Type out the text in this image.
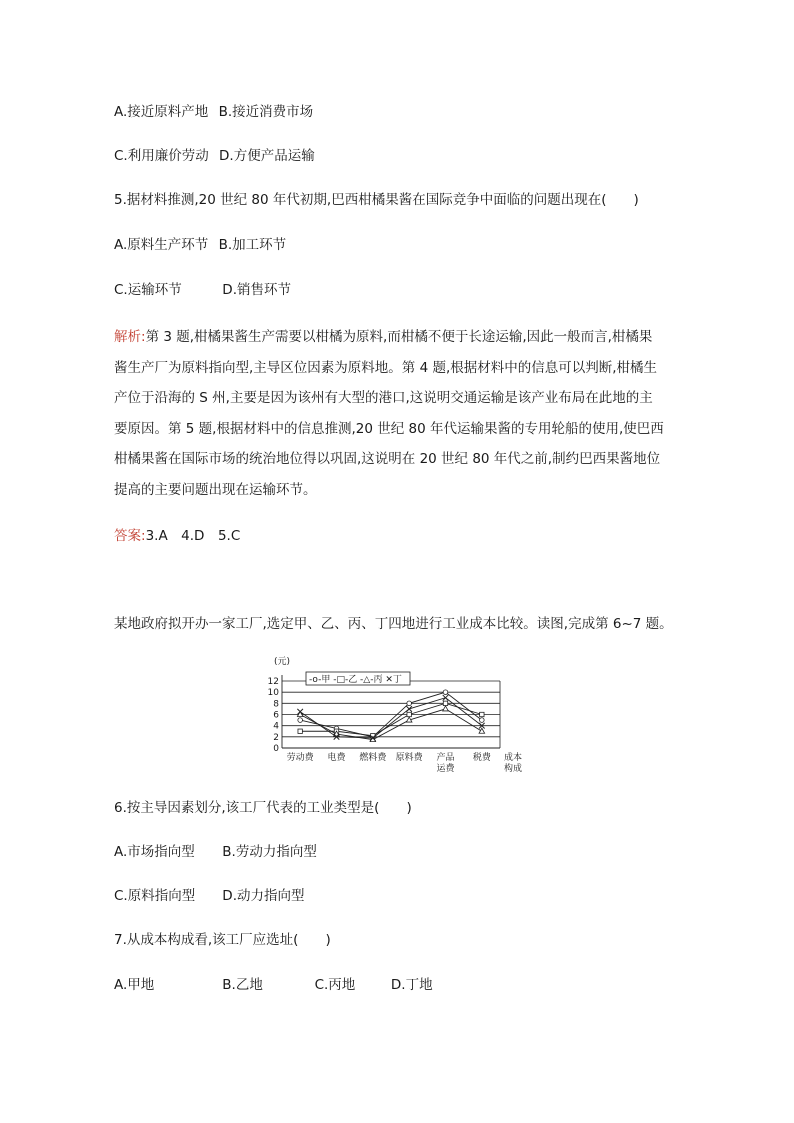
A.接近原料产地 B.接近消费市场
C.利用廉价劳动 D.方便产品运输
5.据材料推测,20 世纪 80 年代初期,巴西柑橘果酱在国际竞争中面临的问题出现在(　　)
A.原料生产环节 B.加工环节
C.运输环节	D.销售环节
解析:第 3 题,柑橘果酱生产需要以柑橘为原料,而柑橘不便于长途运输,因此一般而言,柑橘果
酱生产厂为原料指向型,主导区位因素为原料地。第 4 题,根据材料中的信息可以判断,柑橘生
产位于沿海的 S 州,主要是因为该州有大型的港口,这说明交通运输是该产业布局在此地的主
要原因。第 5 题,根据材料中的信息推测,20 世纪 80 年代运输果酱的专用轮船的使用,使巴西
柑橘果酱在国际市场的统治地位得以巩固,这说明在 20 世纪 80 年代之前,制约巴西果酱地位
提高的主要问题出现在运输环节。
答案:3.A　4.D　5.C
某地政府拟开办一家工厂,选定甲、乙、丙、丁四地进行工业成本比较。读图,完成第 6~7 题。
0
2
4
6
8
10
12
(元)
-o-甲 -□-乙 -△-丙 ✕丁
劳动费 电费 燃料费 原料费 产品
运费
税费 成本
构成
6.按主导因素划分,该工厂代表的工业类型是(　　)
A.市场指向型 B.劳动力指向型
C.原料指向型 D.动力指向型
7.从成本构成看,该工厂应选址(　　)
A.甲地	B.乙地	C.丙地	D.丁地
